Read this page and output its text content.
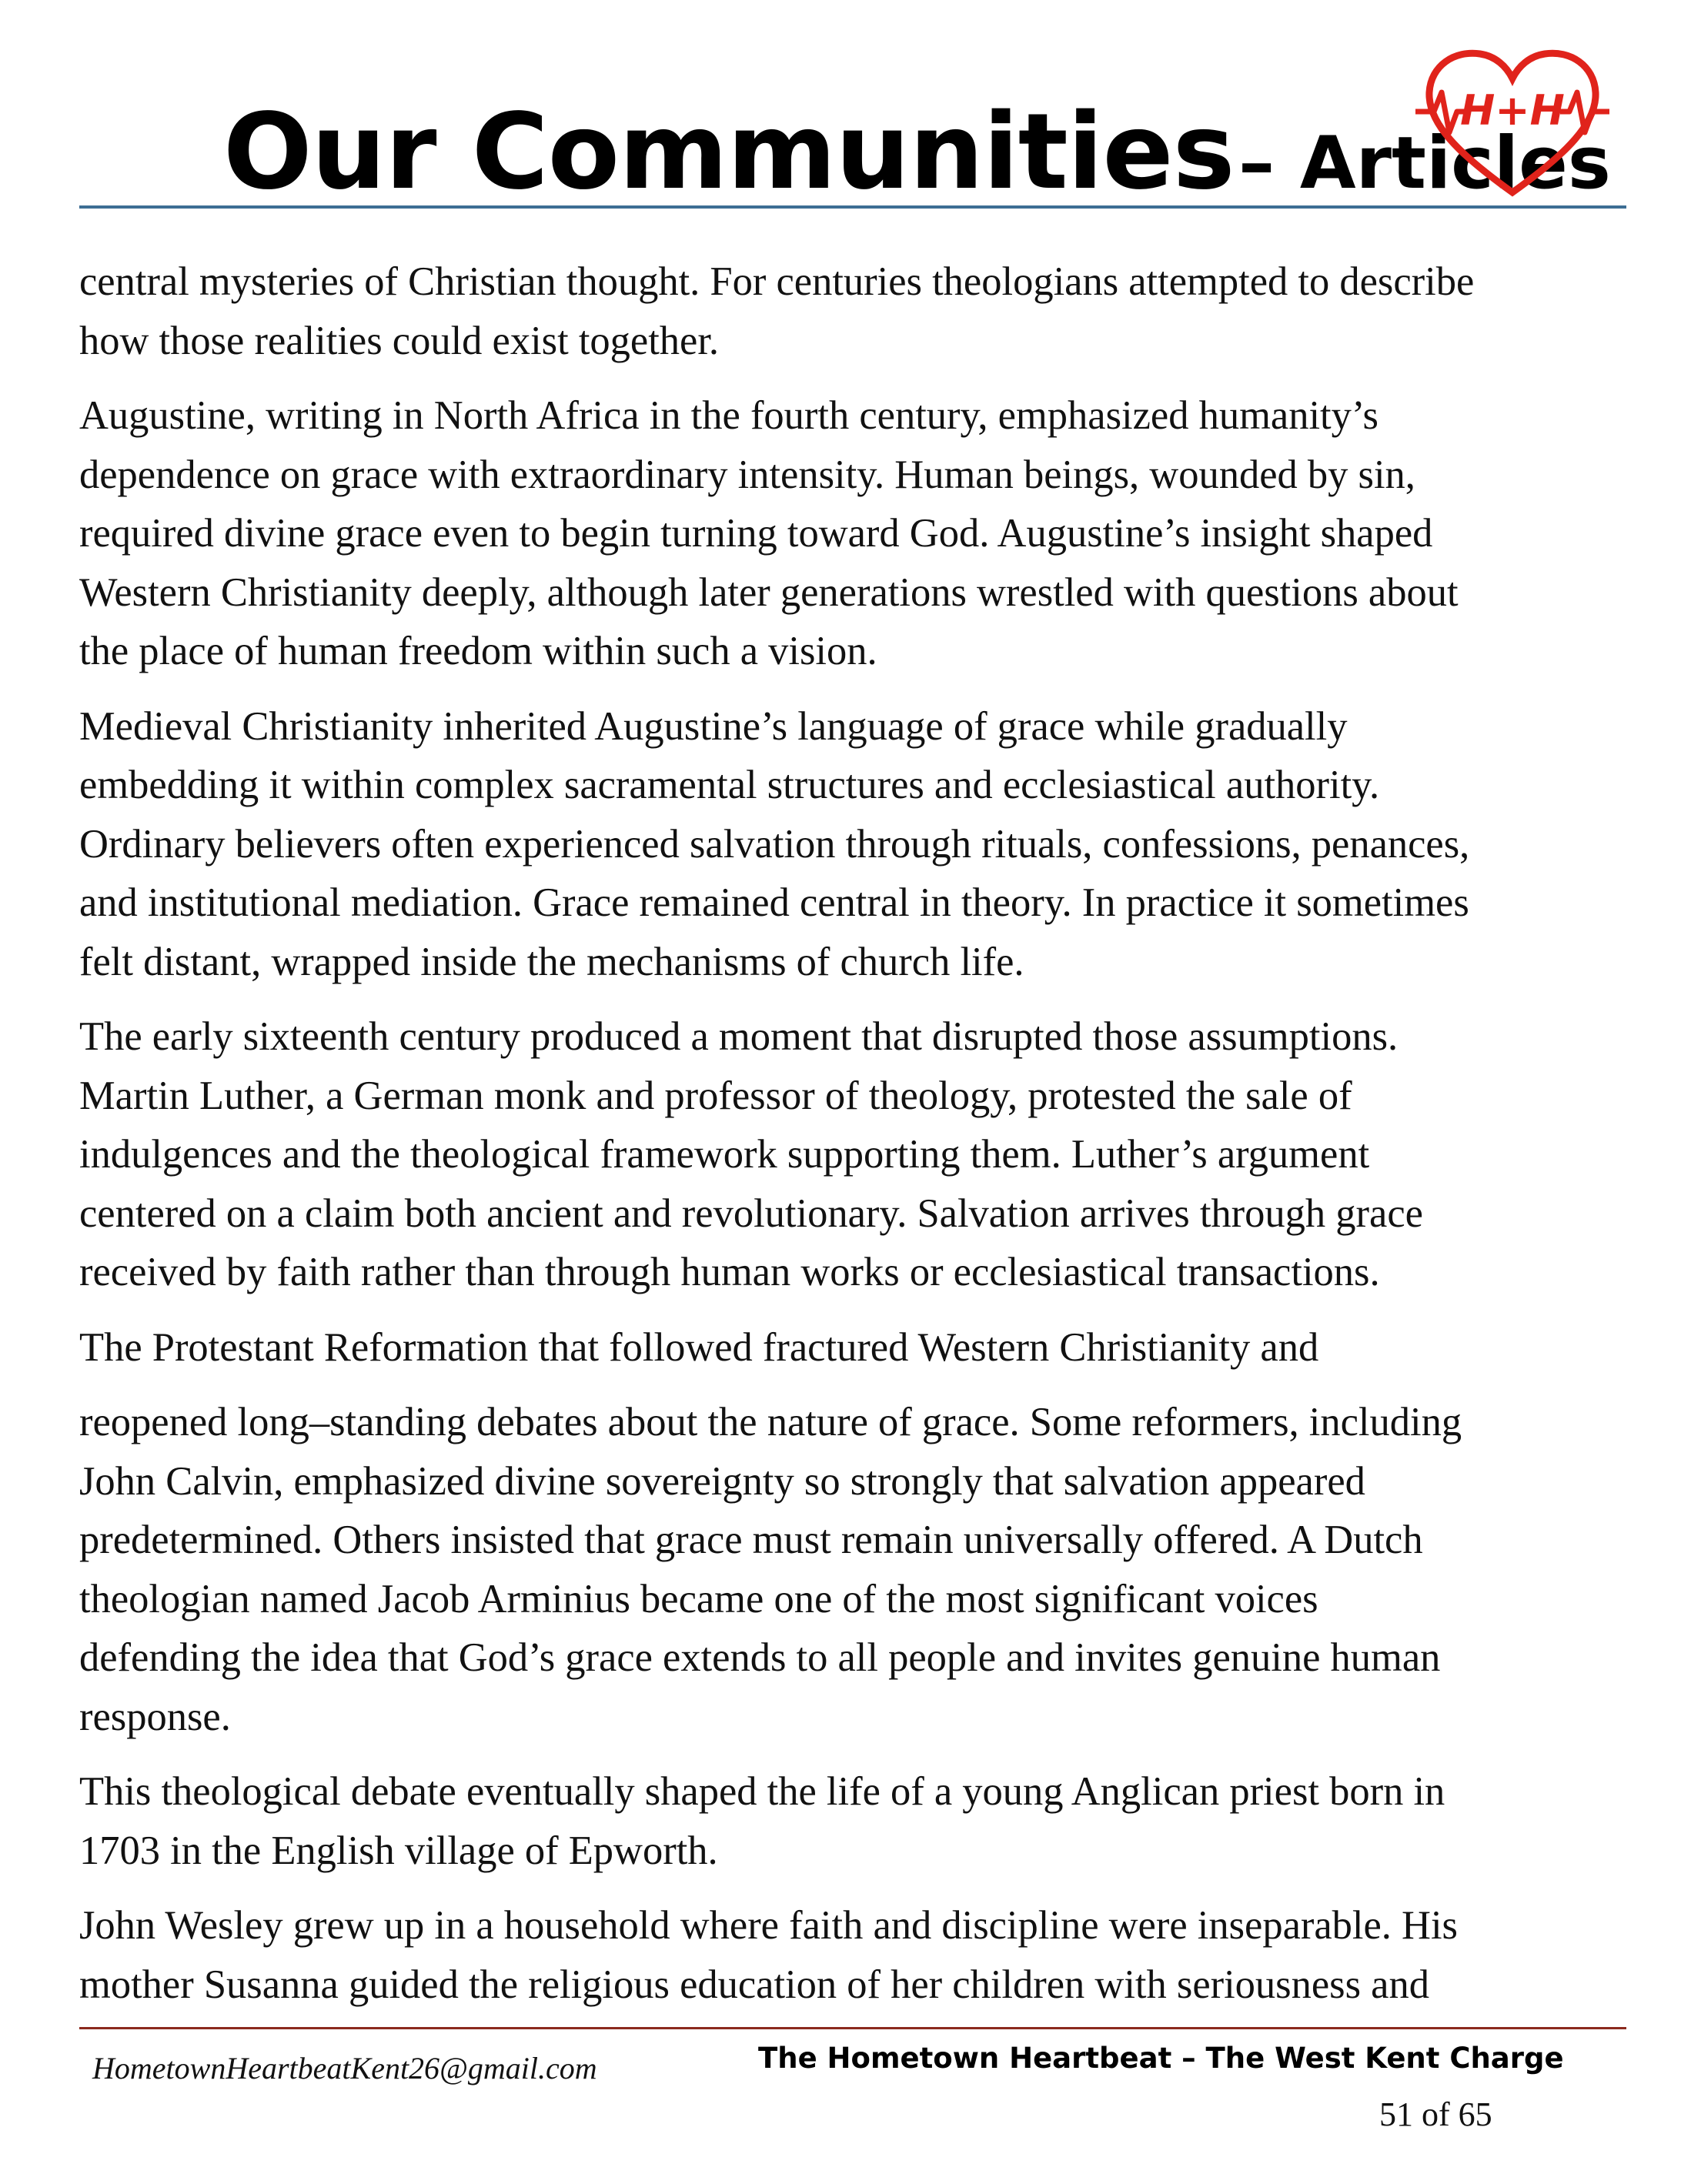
Our Communities – Articles
H+H

central mysteries of Christian thought. For centuries theologians attempted to describe
how those realities could exist together.

Augustine, writing in North Africa in the fourth century, emphasized humanity’s
dependence on grace with extraordinary intensity. Human beings, wounded by sin,
required divine grace even to begin turning toward God. Augustine’s insight shaped
Western Christianity deeply, although later generations wrestled with questions about
the place of human freedom within such a vision.

Medieval Christianity inherited Augustine’s language of grace while gradually
embedding it within complex sacramental structures and ecclesiastical authority.
Ordinary believers often experienced salvation through rituals, confessions, penances,
and institutional mediation. Grace remained central in theory. In practice it sometimes
felt distant, wrapped inside the mechanisms of church life.

The early sixteenth century produced a moment that disrupted those assumptions.
Martin Luther, a German monk and professor of theology, protested the sale of
indulgences and the theological framework supporting them. Luther’s argument
centered on a claim both ancient and revolutionary. Salvation arrives through grace
received by faith rather than through human works or ecclesiastical transactions.

The Protestant Reformation that followed fractured Western Christianity and

reopened long–standing debates about the nature of grace. Some reformers, including
John Calvin, emphasized divine sovereignty so strongly that salvation appeared
predetermined. Others insisted that grace must remain universally offered. A Dutch
theologian named Jacob Arminius became one of the most significant voices
defending the idea that God’s grace extends to all people and invites genuine human
response.

This theological debate eventually shaped the life of a young Anglican priest born in
1703 in the English village of Epworth.

John Wesley grew up in a household where faith and discipline were inseparable. His
mother Susanna guided the religious education of her children with seriousness and

HometownHeartbeatKent26@gmail.com	The Hometown Heartbeat – The West Kent Charge
51 of 65
